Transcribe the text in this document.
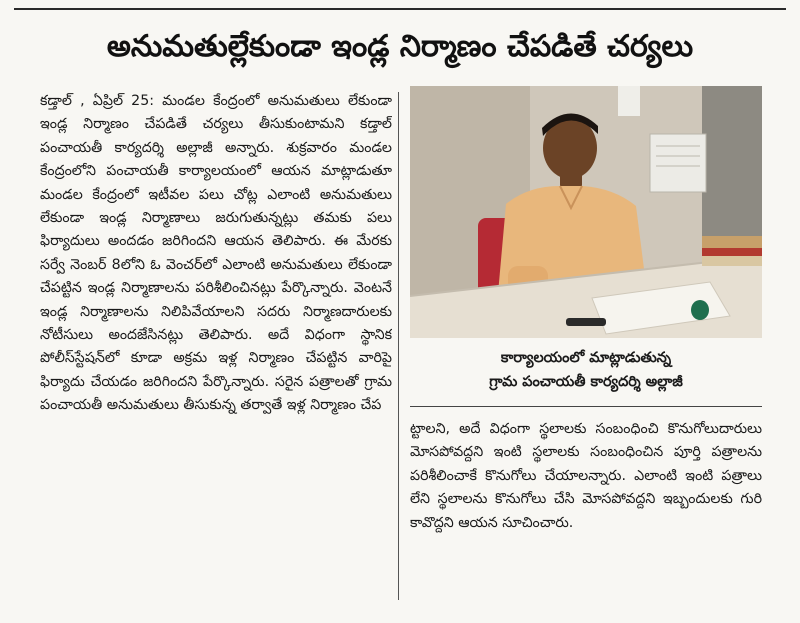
అనుమతుల్లేకుండా ఇండ్ల నిర్మాణం చేపడితే చర్యలు

కడ్తాల్ , ఏప్రిల్ 25: మండల కేంద్రంలో అనుమతులు లేకుండా ఇండ్ల నిర్మాణం చేపడితే చర్యలు తీసుకుంటామని కడ్తాల్ పంచాయతీ కార్యదర్శి అల్లాజీ అన్నారు. శుక్రవారం మండల కేంద్రంలోని పంచాయతీ కార్యాలయంలో ఆయన మాట్లాడుతూ మండల కేంద్రంలో ఇటీవల పలు చోట్ల ఎలాంటి అనుమతులు లేకుండా ఇండ్ల నిర్మాణాలు జరుగుతున్నట్లు తమకు పలు ఫిర్యాదులు అందడం జరిగిందని ఆయన తెలిపారు. ఈ మేరకు సర్వే నెంబర్ 8లోని ఓ వెంచర్‌లో ఎలాంటి అనుమతులు లేకుండా చేపట్టిన ఇండ్ల నిర్మాణాలను పరిశీలించినట్లు పేర్కొన్నారు. వెంటనే ఇండ్ల నిర్మాణాలను నిలిపివేయాలని సదరు నిర్మాణదారులకు నోటీసులు అందజేసినట్లు తెలిపారు. అదే విధంగా స్థానిక పోలీస్‌స్టేషన్‌లో కూడా అక్రమ ఇళ్ల నిర్మాణం చేపట్టిన వారిపై ఫిర్యాదు చేయడం జరిగిందని పేర్కొన్నారు. సరైన పత్రాలతో గ్రామ పంచాయతీ అనుమతులు తీసుకున్న తర్వాతే ఇళ్ల నిర్మాణం చేప

కార్యాలయంలో మాట్లాడుతున్న
గ్రామ పంచాయతీ కార్యదర్శి అల్లాజీ

ట్టాలని, అదే విధంగా స్థలాలకు సంబంధించి కొనుగోలుదారులు మోసపోవద్దని ఇంటి స్థలాలకు సంబంధించిన పూర్తి పత్రాలను పరిశీలించాకే కొనుగోలు చేయాలన్నారు. ఎలాంటి ఇంటి పత్రాలు లేని స్థలాలను కొనుగోలు చేసి మోసపోవద్దని ఇబ్బందులకు గురి కావొద్దని ఆయన సూచించారు.
